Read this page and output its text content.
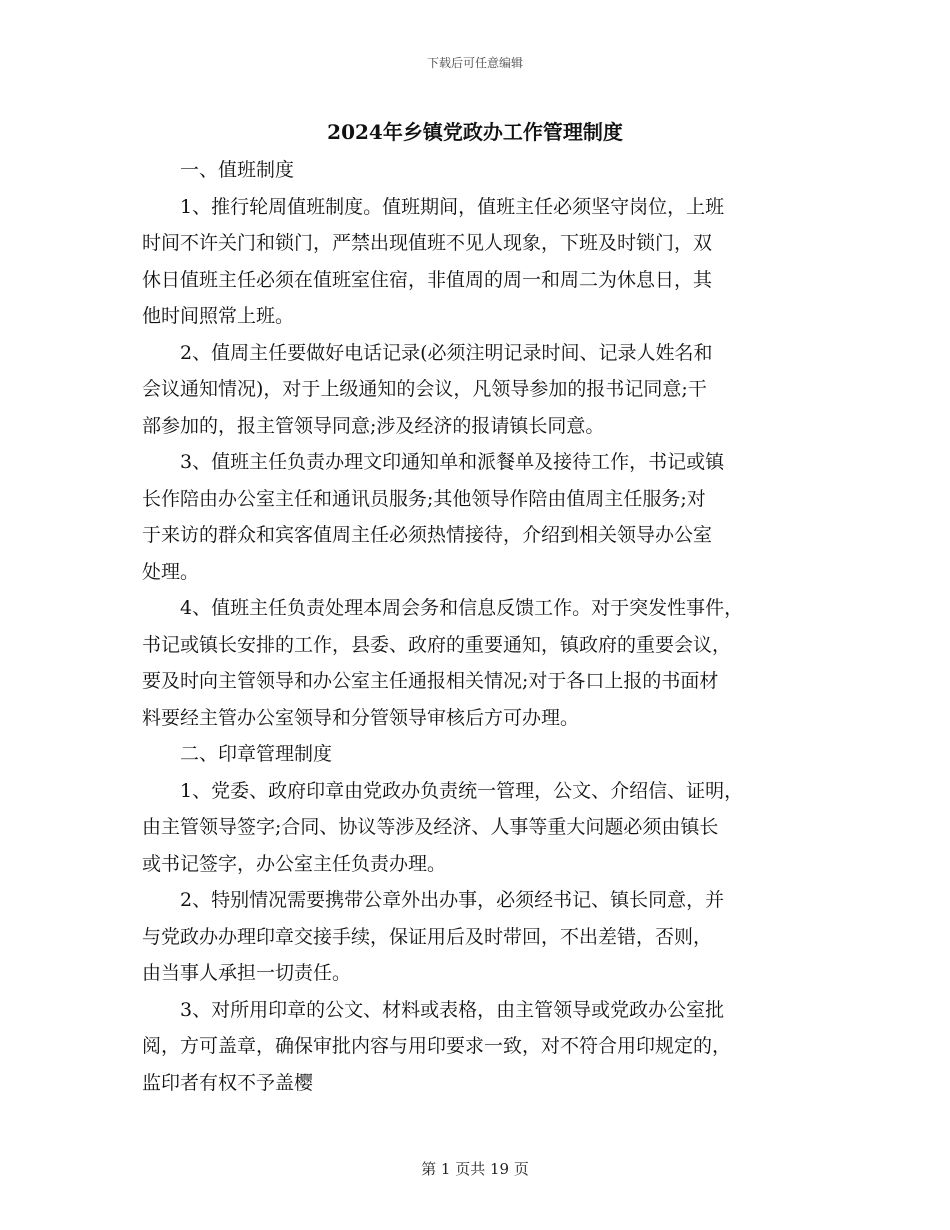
下载后可任意编辑
2024年乡镇党政办工作管理制度
一、值班制度
1、推行轮周值班制度。值班期间，值班主任必须坚守岗位，上班
时间不许关门和锁门，严禁出现值班不见人现象，下班及时锁门，双
休日值班主任必须在值班室住宿，非值周的周一和周二为休息日，其
他时间照常上班。
2、值周主任要做好电话记录(必须注明记录时间、记录人姓名和
会议通知情况)，对于上级通知的会议，凡领导参加的报书记同意;干
部参加的，报主管领导同意;涉及经济的报请镇长同意。
3、值班主任负责办理文印通知单和派餐单及接待工作，书记或镇
长作陪由办公室主任和通讯员服务;其他领导作陪由值周主任服务;对
于来访的群众和宾客值周主任必须热情接待，介绍到相关领导办公室
处理。
4、值班主任负责处理本周会务和信息反馈工作。对于突发性事件，
书记或镇长安排的工作，县委、政府的重要通知，镇政府的重要会议，
要及时向主管领导和办公室主任通报相关情况;对于各口上报的书面材
料要经主管办公室领导和分管领导审核后方可办理。
二、印章管理制度
1、党委、政府印章由党政办负责统一管理，公文、介绍信、证明，
由主管领导签字;合同、协议等涉及经济、人事等重大问题必须由镇长
或书记签字，办公室主任负责办理。
2、特别情况需要携带公章外出办事，必须经书记、镇长同意，并
与党政办办理印章交接手续，保证用后及时带回，不出差错，否则，
由当事人承担一切责任。
3、对所用印章的公文、材料或表格，由主管领导或党政办公室批
阅，方可盖章，确保审批内容与用印要求一致，对不符合用印规定的，
监印者有权不予盖樱
第 1 页共 19 页
